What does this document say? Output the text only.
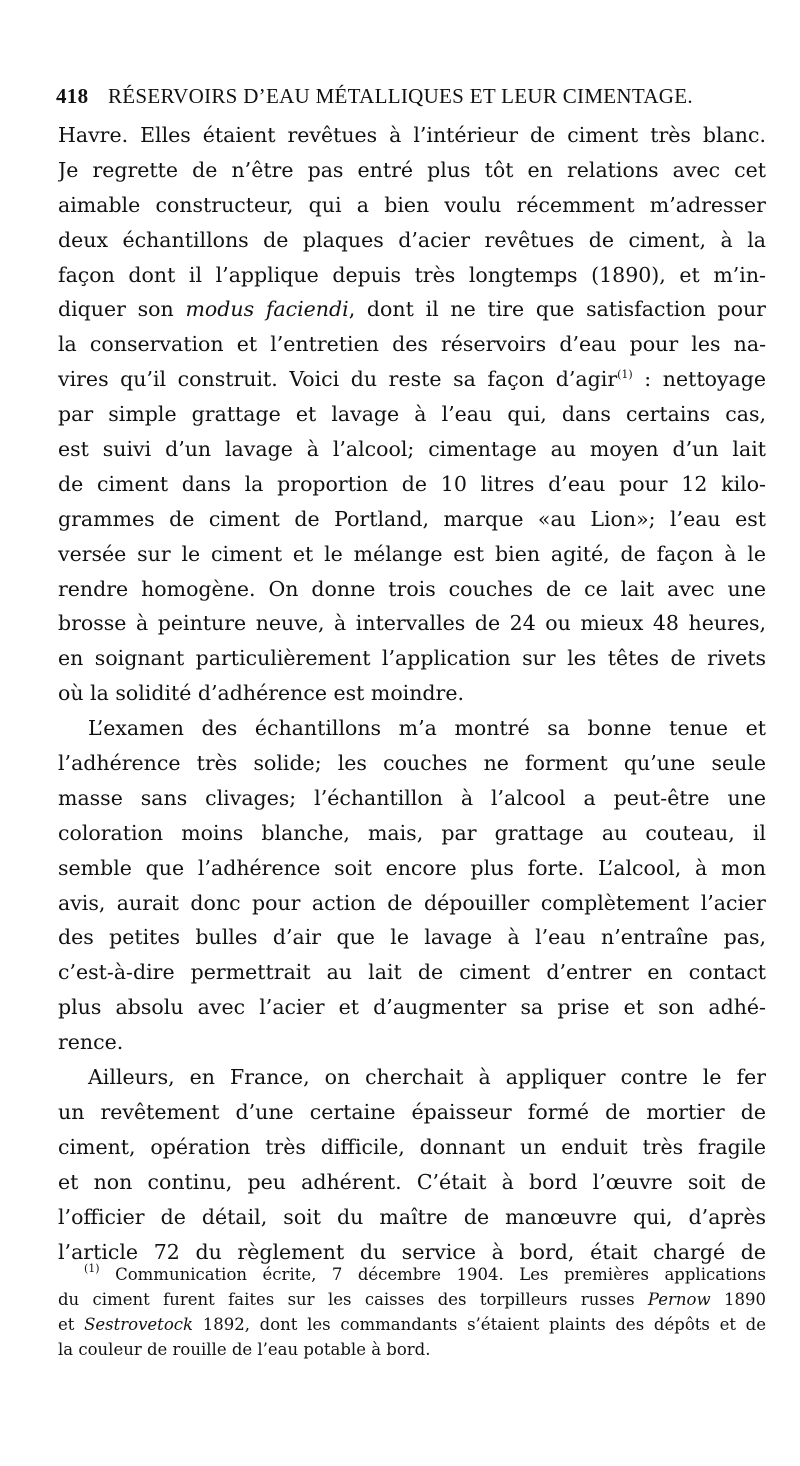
418 RÉSERVOIRS D’EAU MÉTALLIQUES ET LEUR CIMENTAGE.
Havre. Elles étaient revêtues à l’intérieur de ciment très blanc.
Je regrette de n’être pas entré plus tôt en relations avec cet
aimable constructeur, qui a bien voulu récemment m’adresser
deux échantillons de plaques d’acier revêtues de ciment, à la
façon dont il l’applique depuis très longtemps (1890), et m’in-
diquer son modus faciendi, dont il ne tire que satisfaction pour
la conservation et l’entretien des réservoirs d’eau pour les na-
vires qu’il construit. Voici du reste sa façon d’agir$^{(1)}$ : nettoyage
par simple grattage et lavage à l’eau qui, dans certains cas,
est suivi d’un lavage à l’alcool; cimentage au moyen d’un lait
de ciment dans la proportion de 10 litres d’eau pour 12 kilo-
grammes de ciment de Portland, marque «au Lion»; l’eau est
versée sur le ciment et le mélange est bien agité, de façon à le
rendre homogène. On donne trois couches de ce lait avec une
brosse à peinture neuve, à intervalles de 24 ou mieux 48 heures,
en soignant particulièrement l’application sur les têtes de rivets
où la solidité d’adhérence est moindre.
L’examen des échantillons m’a montré sa bonne tenue et
l’adhérence très solide; les couches ne forment qu’une seule
masse sans clivages; l’échantillon à l’alcool a peut-être une
coloration moins blanche, mais, par grattage au couteau, il
semble que l’adhérence soit encore plus forte. L’alcool, à mon
avis, aurait donc pour action de dépouiller complètement l’acier
des petites bulles d’air que le lavage à l’eau n’entraîne pas,
c’est-à-dire permettrait au lait de ciment d’entrer en contact
plus absolu avec l’acier et d’augmenter sa prise et son adhé-
rence.
Ailleurs, en France, on cherchait à appliquer contre le fer
un revêtement d’une certaine épaisseur formé de mortier de
ciment, opération très difficile, donnant un enduit très fragile
et non continu, peu adhérent. C’était à bord l’œuvre soit de
l’officier de détail, soit du maître de manœuvre qui, d’après
l’article 72 du règlement du service à bord, était chargé de
$^{(1)}$ Communication écrite, 7 décembre 1904. Les premières applications
du ciment furent faites sur les caisses des torpilleurs russes Pernow 1890
et Sestrovetock 1892, dont les commandants s’étaient plaints des dépôts et de
la couleur de rouille de l’eau potable à bord.
